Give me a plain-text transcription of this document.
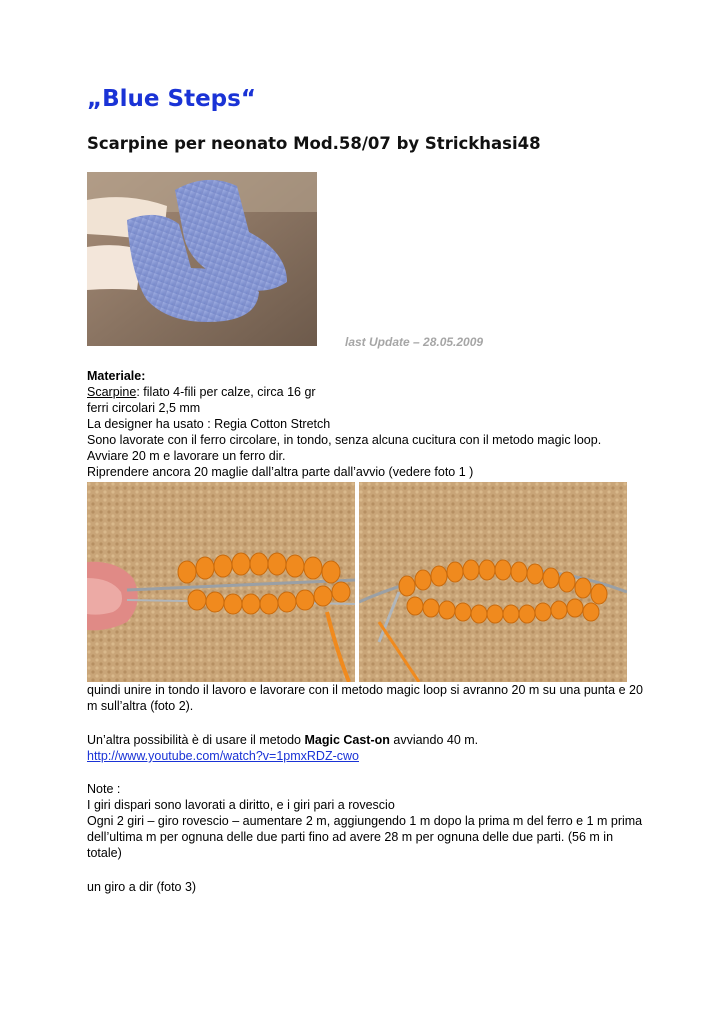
„Blue Steps“
Scarpine per neonato Mod.58/07 by Strickhasi48
last Update – 28.05.2009
Materiale:
Scarpine: filato 4-fili per calze, circa 16 gr
ferri circolari 2,5 mm
La designer ha usato : Regia Cotton Stretch
Sono lavorate con il ferro circolare, in tondo, senza alcuna cucitura con il metodo magic loop.
Avviare 20 m e lavorare un ferro dir.
Riprendere ancora 20 maglie dall’altra parte dall’avvio (vedere foto 1 )
quindi unire in tondo il lavoro e lavorare con il metodo magic loop si avranno 20 m su una punta e 20 m sull’altra (foto 2).
Un’altra possibilità è di usare il metodo Magic Cast-on avviando 40 m.
http://www.youtube.com/watch?v=1pmxRDZ-cwo
Note :
I giri dispari sono lavorati a diritto, e i giri pari a rovescio
Ogni 2 giri – giro rovescio – aumentare 2 m, aggiungendo 1 m dopo la prima m del ferro e 1 m prima dell’ultima m per ognuna delle due parti fino ad avere 28 m per ognuna delle due parti. (56 m in totale)
un giro a dir (foto 3)
